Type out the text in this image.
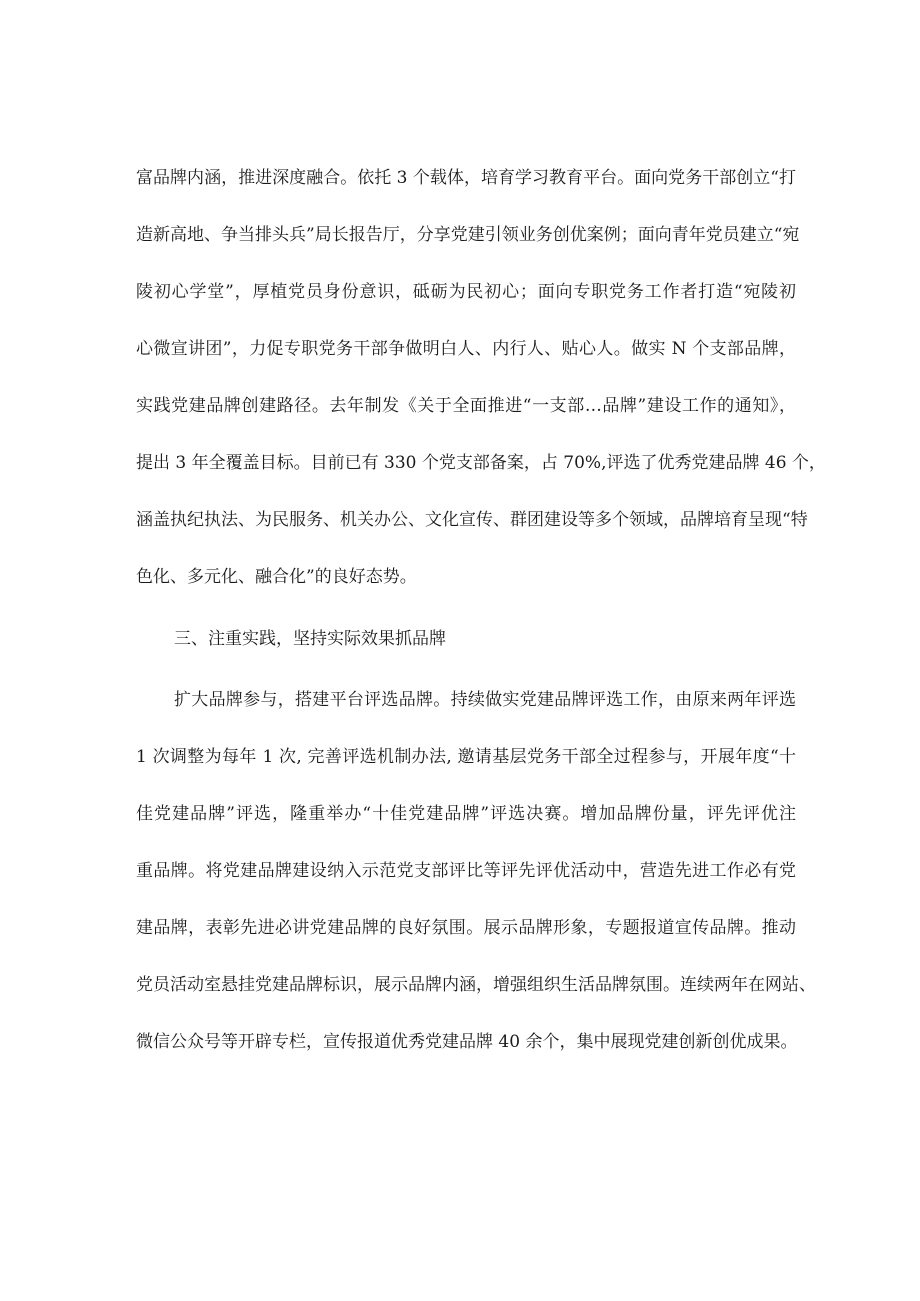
富品牌内涵，推进深度融合。依托 3 个载体，培育学习教育平台。面向党务干部创立“打
造新高地、争当排头兵”局长报告厅，分享党建引领业务创优案例；面向青年党员建立“宛
陵初心学堂”，厚植党员身份意识，砥砺为民初心；面向专职党务工作者打造“宛陵初
心微宣讲团”，力促专职党务干部争做明白人、内行人、贴心人。做实 N 个支部品牌，
实践党建品牌创建路径。去年制发《关于全面推进“一支部…品牌”建设工作的通知》，
提出 3 年全覆盖目标。目前已有 330 个党支部备案，占 70%,评选了优秀党建品牌 46 个，
涵盖执纪执法、为民服务、机关办公、文化宣传、群团建设等多个领域，品牌培育呈现“特
色化、多元化、融合化”的良好态势。
三、注重实践，坚持实际效果抓品牌
扩大品牌参与，搭建平台评选品牌。持续做实党建品牌评选工作，由原来两年评选
1 次调整为每年 1 次, 完善评选机制办法, 邀请基层党务干部全过程参与，开展年度“十
佳党建品牌”评选，隆重举办“十佳党建品牌”评选决赛。增加品牌份量，评先评优注
重品牌。将党建品牌建设纳入示范党支部评比等评先评优活动中，营造先进工作必有党
建品牌，表彰先进必讲党建品牌的良好氛围。展示品牌形象，专题报道宣传品牌。推动
党员活动室悬挂党建品牌标识，展示品牌内涵，增强组织生活品牌氛围。连续两年在网站、
微信公众号等开辟专栏，宣传报道优秀党建品牌 40 余个，集中展现党建创新创优成果。
